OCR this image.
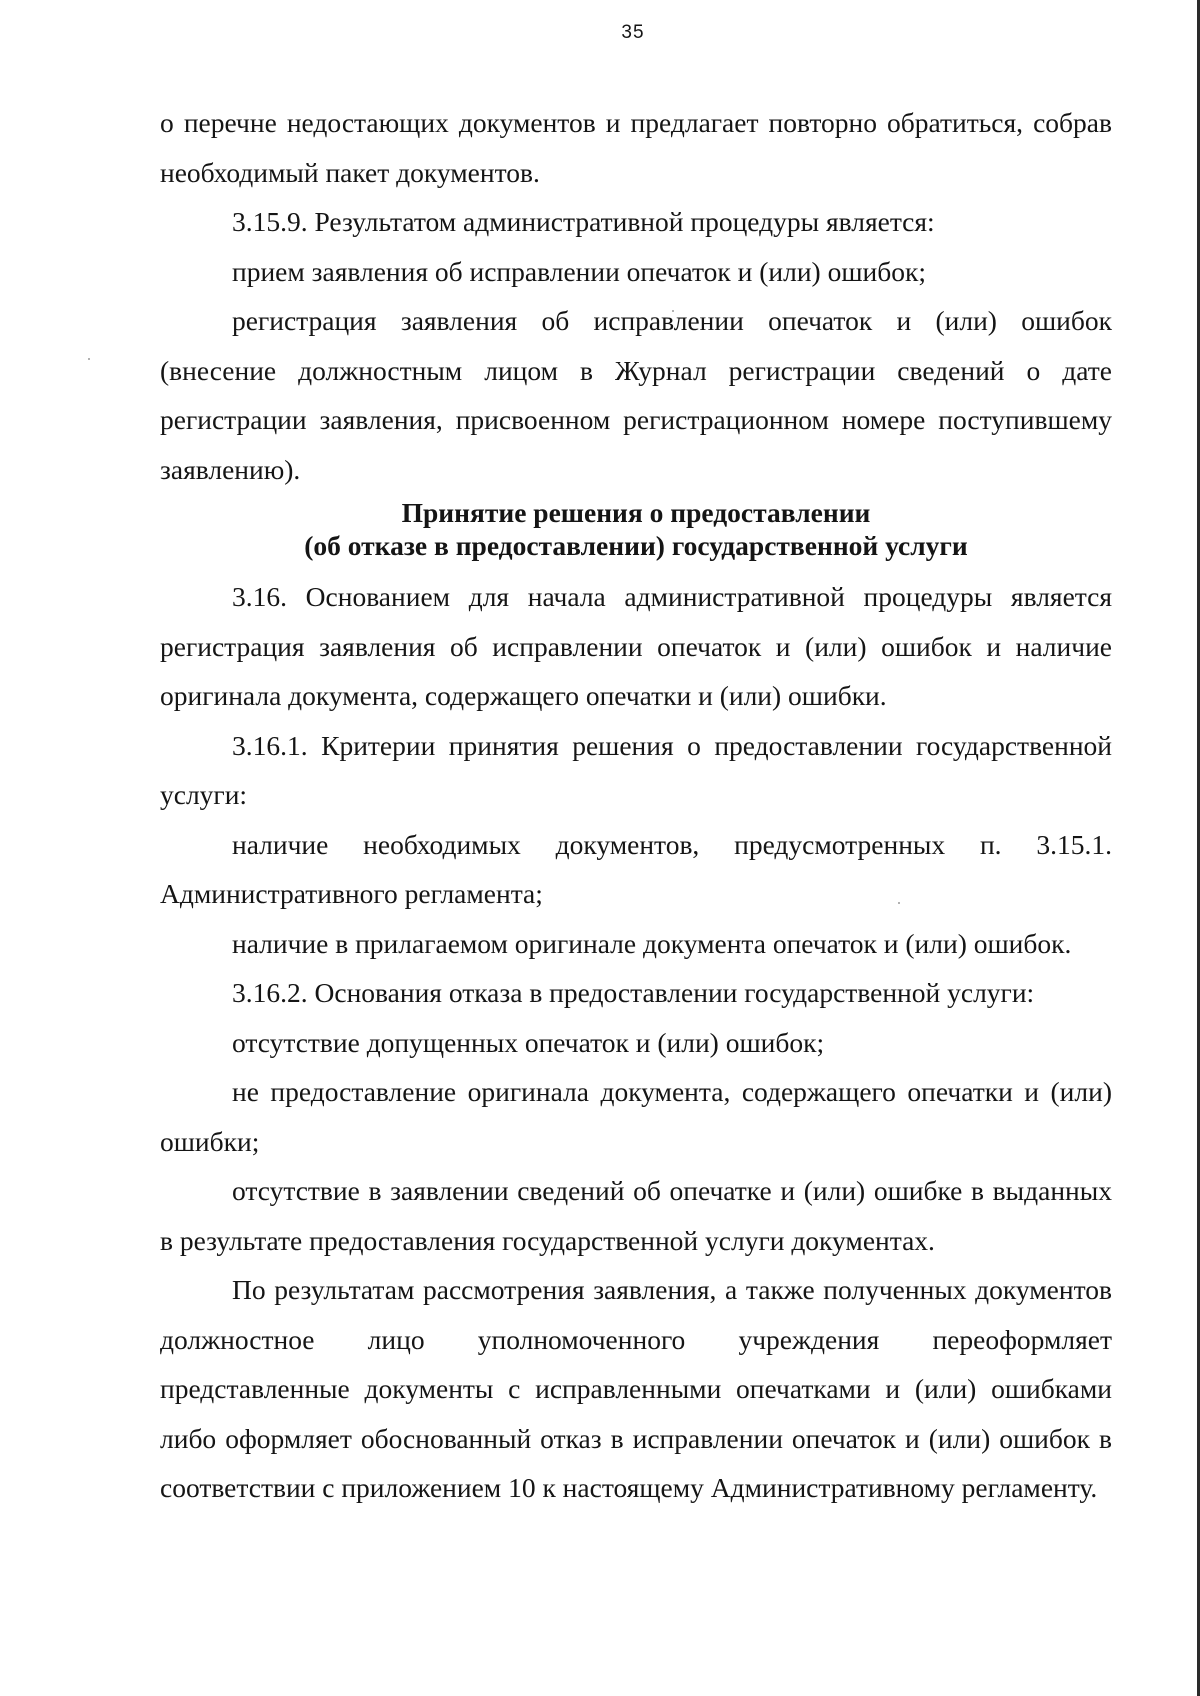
35

о перечне недостающих документов и предлагает повторно обратиться, собрав необходимый пакет документов.

3.15.9. Результатом административной процедуры является:

прием заявления об исправлении опечаток и (или) ошибок;

регистрация заявления об исправлении опечаток и (или) ошибок (внесение должностным лицом в Журнал регистрации сведений о дате регистрации заявления, присвоенном регистрационном номере поступившему заявлению).

Принятие решения о предоставлении
(об отказе в предоставлении) государственной услуги

3.16. Основанием для начала административной процедуры является регистрация заявления об исправлении опечаток и (или) ошибок и наличие оригинала документа, содержащего опечатки и (или) ошибки.

3.16.1. Критерии принятия решения о предоставлении государственной услуги:

наличие необходимых документов, предусмотренных п. 3.15.1. Административного регламента;

наличие в прилагаемом оригинале документа опечаток и (или) ошибок.

3.16.2. Основания отказа в предоставлении государственной услуги:

отсутствие допущенных опечаток и (или) ошибок;

не предоставление оригинала документа, содержащего опечатки и (или) ошибки;

отсутствие в заявлении сведений об опечатке и (или) ошибке в выданных в результате предоставления государственной услуги документах.

По результатам рассмотрения заявления, а также полученных документов должностное лицо уполномоченного учреждения переоформляет представленные документы с исправленными опечатками и (или) ошибками либо оформляет обоснованный отказ в исправлении опечаток и (или) ошибок в соответствии с приложением 10 к настоящему Административному регламенту.
